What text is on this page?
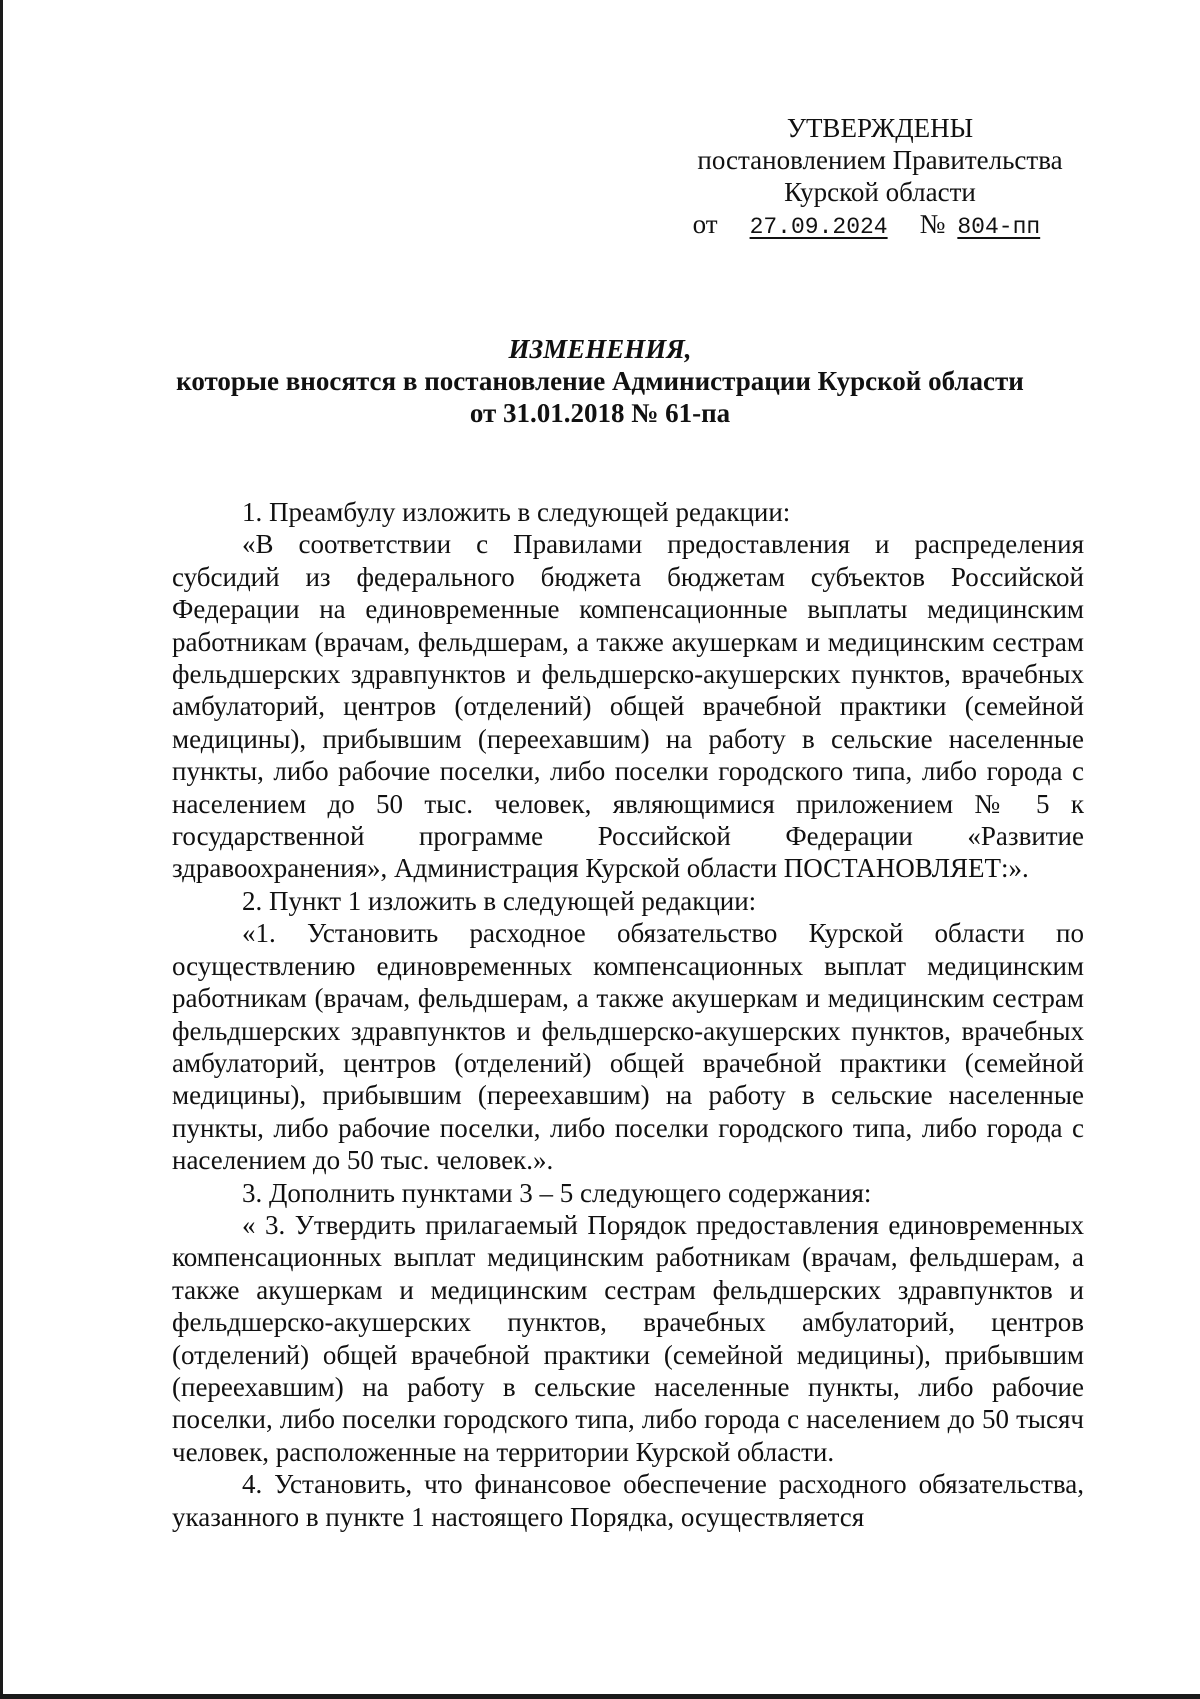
УТВЕРЖДЕНЫ
постановлением Правительства
Курской области
от	27.09.2024	№ 804-пп
ИЗМЕНЕНИЯ,
которые вносятся в постановление Администрации Курской области
от 31.01.2018 № 61-па

1. Преамбулу изложить в следующей редакции:

«В соответствии с Правилами предоставления и распределения субсидий из федерального бюджета бюджетам субъектов Российской Федерации на единовременные компенсационные выплаты медицинским работникам (врачам, фельдшерам, а также акушеркам и медицинским сестрам фельдшерских здравпунктов и фельдшерско-акушерских пунктов, врачебных амбулаторий, центров (отделений) общей врачебной практики (семейной медицины), прибывшим (переехавшим) на работу в сельские населенные пункты, либо рабочие поселки, либо поселки городского типа, либо города с населением до 50 тыс. человек, являющимися приложением № 5 к государственной программе Российской Федерации «Развитие здравоохранения», Администрация Курской области ПОСТАНОВЛЯЕТ:».

2. Пункт 1 изложить в следующей редакции:

«1. Установить расходное обязательство Курской области по осуществлению единовременных компенсационных выплат медицинским работникам (врачам, фельдшерам, а также акушеркам и медицинским сестрам фельдшерских здравпунктов и фельдшерско-акушерских пунктов, врачебных амбулаторий, центров (отделений) общей врачебной практики (семейной медицины), прибывшим (переехавшим) на работу в сельские населенные пункты, либо рабочие поселки, либо поселки городского типа, либо города с населением до 50 тыс. человек.».

3. Дополнить пунктами 3 – 5 следующего содержания:

« 3. Утвердить прилагаемый Порядок предоставления единовременных компенсационных выплат медицинским работникам (врачам, фельдшерам, а также акушеркам и медицинским сестрам фельдшерских здравпунктов и фельдшерско-акушерских пунктов, врачебных амбулаторий, центров (отделений) общей врачебной практики (семейной медицины), прибывшим (переехавшим) на работу в сельские населенные пункты, либо рабочие поселки, либо поселки городского типа, либо города с населением до 50 тысяч человек, расположенные на территории Курской области.

4. Установить, что финансовое обеспечение расходного обязательства, указанного в пункте 1 настоящего Порядка, осуществляется
